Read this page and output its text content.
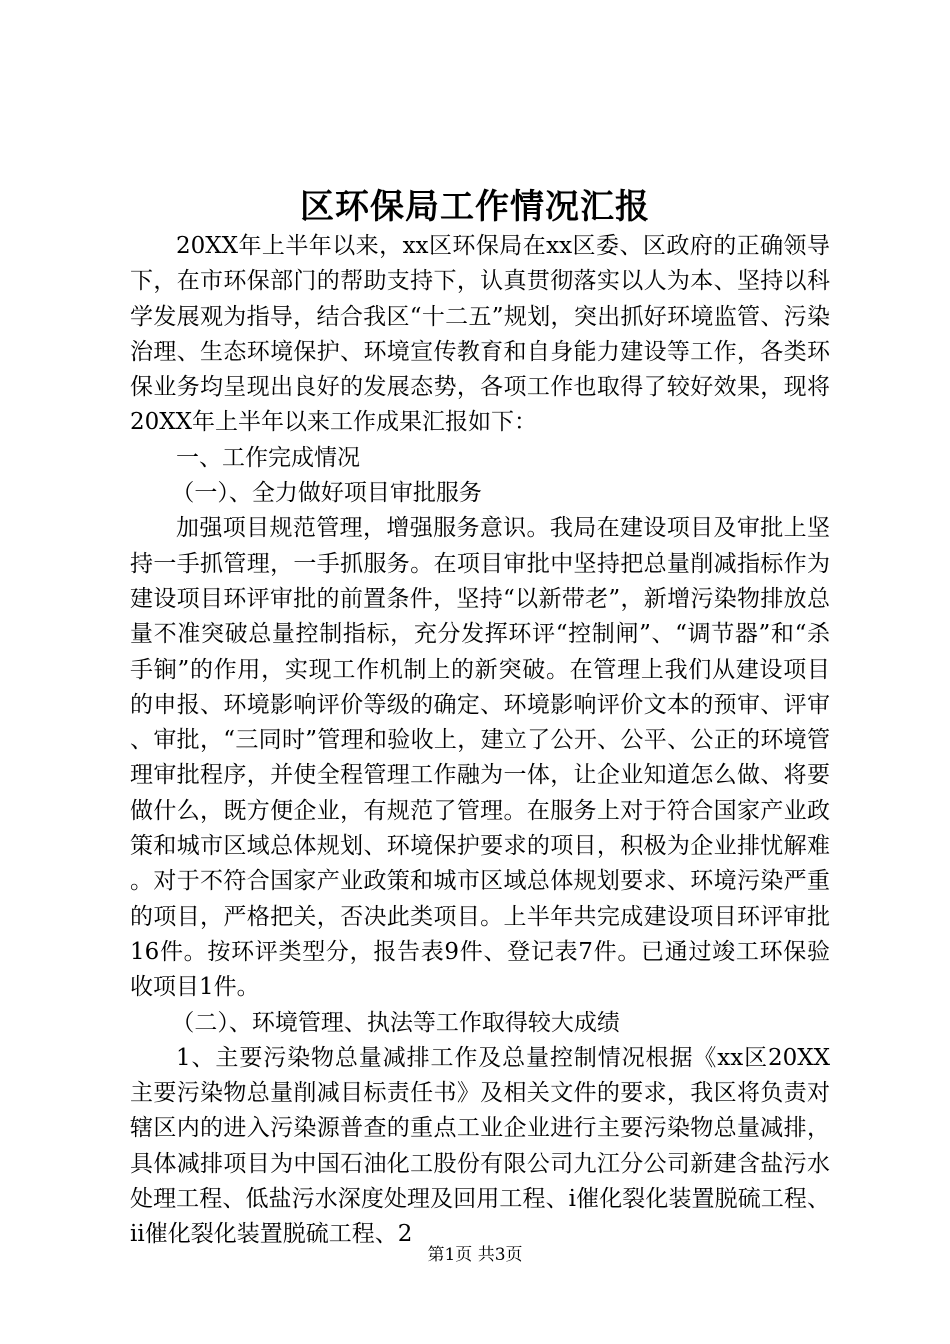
区环保局工作情况汇报

20XX年上半年以来，xx区环保局在xx区委、区政府的正确领导下，在市环保部门的帮助支持下，认真贯彻落实以人为本、坚持以科学发展观为指导，结合我区“十二五”规划，突出抓好环境监管、污染治理、生态环境保护、环境宣传教育和自身能力建设等工作，各类环保业务均呈现出良好的发展态势，各项工作也取得了较好效果，现将20XX年上半年以来工作成果汇报如下：

一、工作完成情况

（一）、全力做好项目审批服务

加强项目规范管理，增强服务意识。我局在建设项目及审批上坚持一手抓管理，一手抓服务。在项目审批中坚持把总量削减指标作为建设项目环评审批的前置条件，坚持“以新带老”，新增污染物排放总量不准突破总量控制指标，充分发挥环评“控制闸”、“调节器”和“杀手锏”的作用，实现工作机制上的新突破。在管理上我们从建设项目的申报、环境影响评价等级的确定、环境影响评价文本的预审、评审、审批，“三同时”管理和验收上，建立了公开、公平、公正的环境管理审批程序，并使全程管理工作融为一体，让企业知道怎么做、将要做什么，既方便企业，有规范了管理。在服务上对于符合国家产业政策和城市区域总体规划、环境保护要求的项目，积极为企业排忧解难。对于不符合国家产业政策和城市区域总体规划要求、环境污染严重的项目，严格把关，否决此类项目。上半年共完成建设项目环评审批16件。按环评类型分，报告表9件、登记表7件。已通过竣工环保验收项目1件。

（二）、环境管理、执法等工作取得较大成绩

1、主要污染物总量减排工作及总量控制情况根据《xx区20XX主要污染物总量削减目标责任书》及相关文件的要求，我区将负责对辖区内的进入污染源普查的重点工业企业进行主要污染物总量减排，具体减排项目为中国石油化工股份有限公司九江分公司新建含盐污水处理工程、低盐污水深度处理及回用工程、ⅰ催化裂化装置脱硫工程、ⅱ催化裂化装置脱硫工程、2

第1页 共3页
